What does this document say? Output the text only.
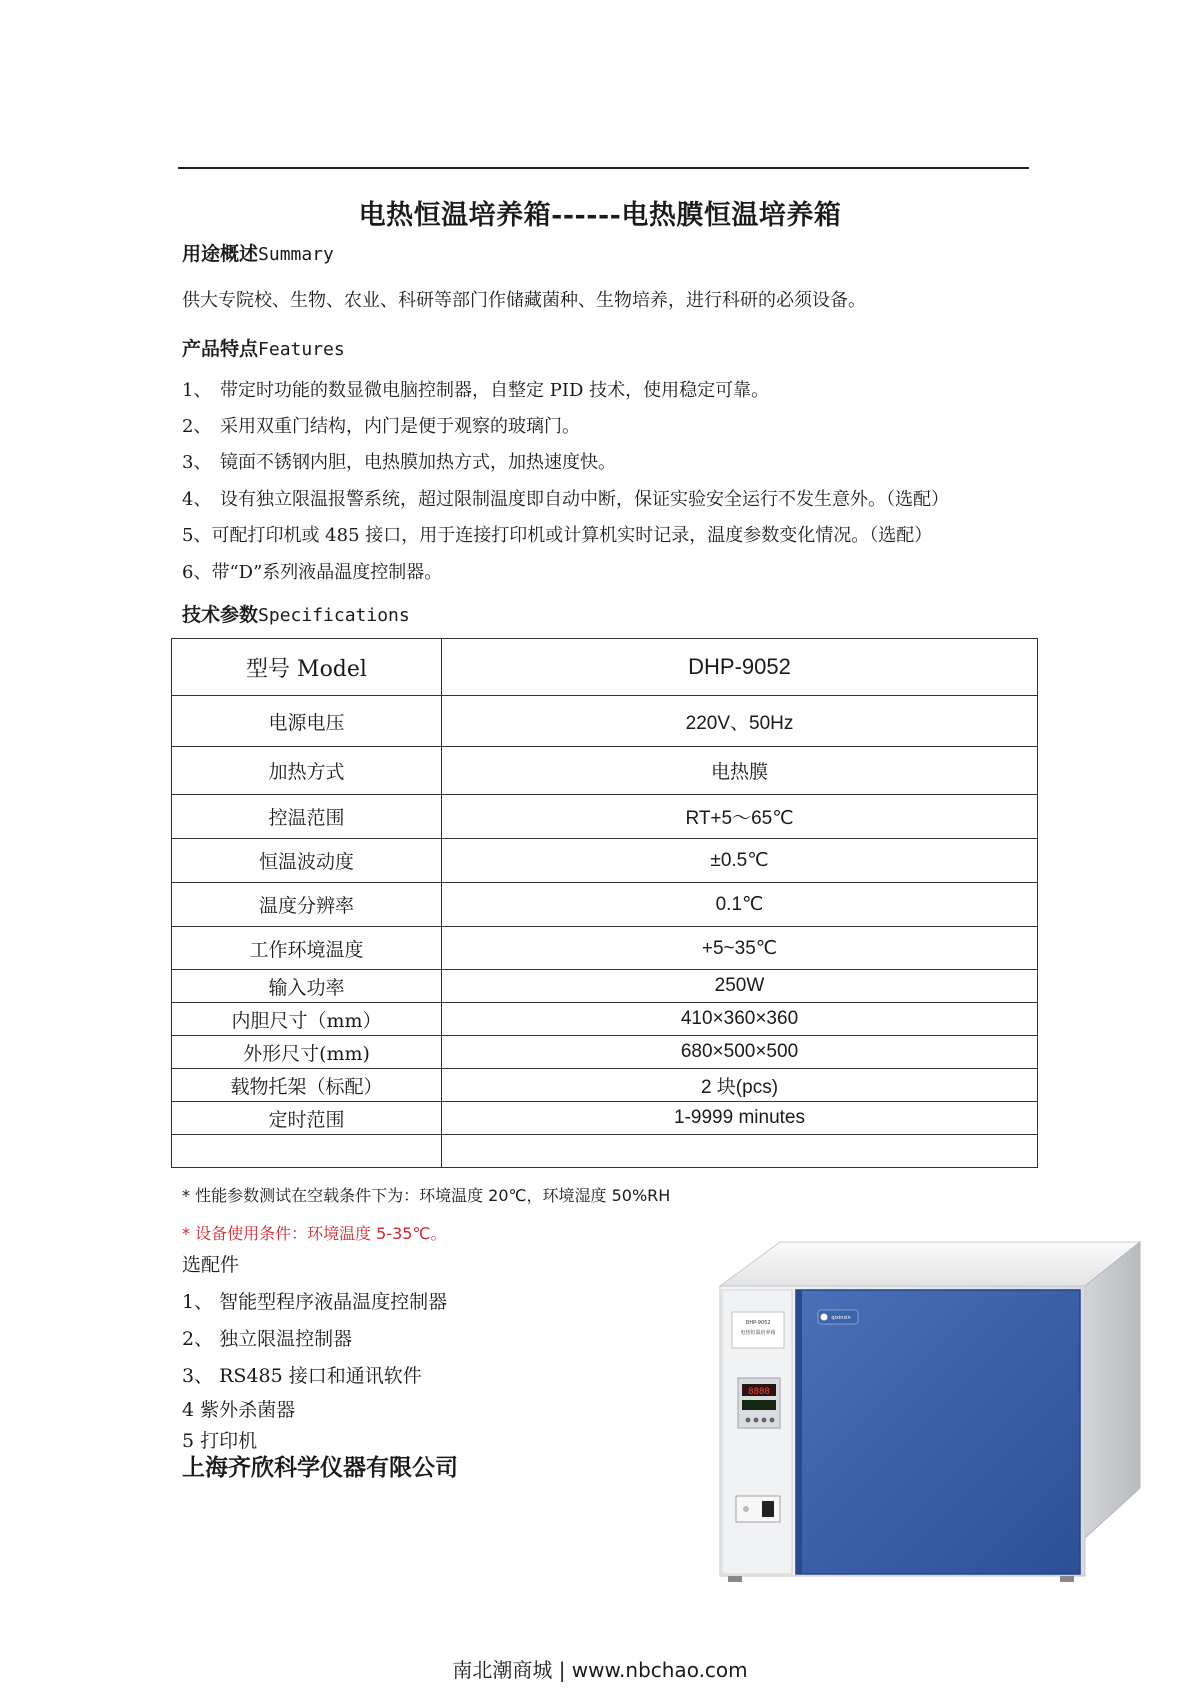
电热恒温培养箱------电热膜恒温培养箱

用途概述Summary

供大专院校、生物、农业、科研等部门作储藏菌种、生物培养，进行科研的必须设备。

产品特点Features

1、 带定时功能的数显微电脑控制器，自整定 PID 技术，使用稳定可靠。

2、 采用双重门结构，内门是便于观察的玻璃门。

3、 镜面不锈钢内胆，电热膜加热方式，加热速度快。

4、 设有独立限温报警系统，超过限制温度即自动中断，保证实验安全运行不发生意外。（选配）

5、可配打印机或 485 接口，用于连接打印机或计算机实时记录，温度参数变化情况。（选配）

6、带“D”系列液晶温度控制器。

技术参数Specifications

型号 Model	DHP-9052
电源电压	220V、50Hz
加热方式	电热膜
控温范围	RT+5～65℃
恒温波动度	±0.5℃
温度分辨率	0.1℃
工作环境温度	+5~35℃
输入功率	250W
内胆尺寸（mm）	410×360×360
外形尺寸(mm)	680×500×500
载物托架（标配）	2 块(pcs)
定时范围	1-9999 minutes

* 性能参数测试在空载条件下为：环境温度 20℃，环境湿度 50%RH

* 设备使用条件：环境温度 5-35℃。

选配件

1、 智能型程序液晶温度控制器

2、 独立限温控制器

3、 RS485 接口和通讯软件

4 紫外杀菌器

5 打印机

上海齐欣科学仪器有限公司

DHP-9052
电热恒温培养箱
8888
qixinsin

南北潮商城 | www.nbchao.com
